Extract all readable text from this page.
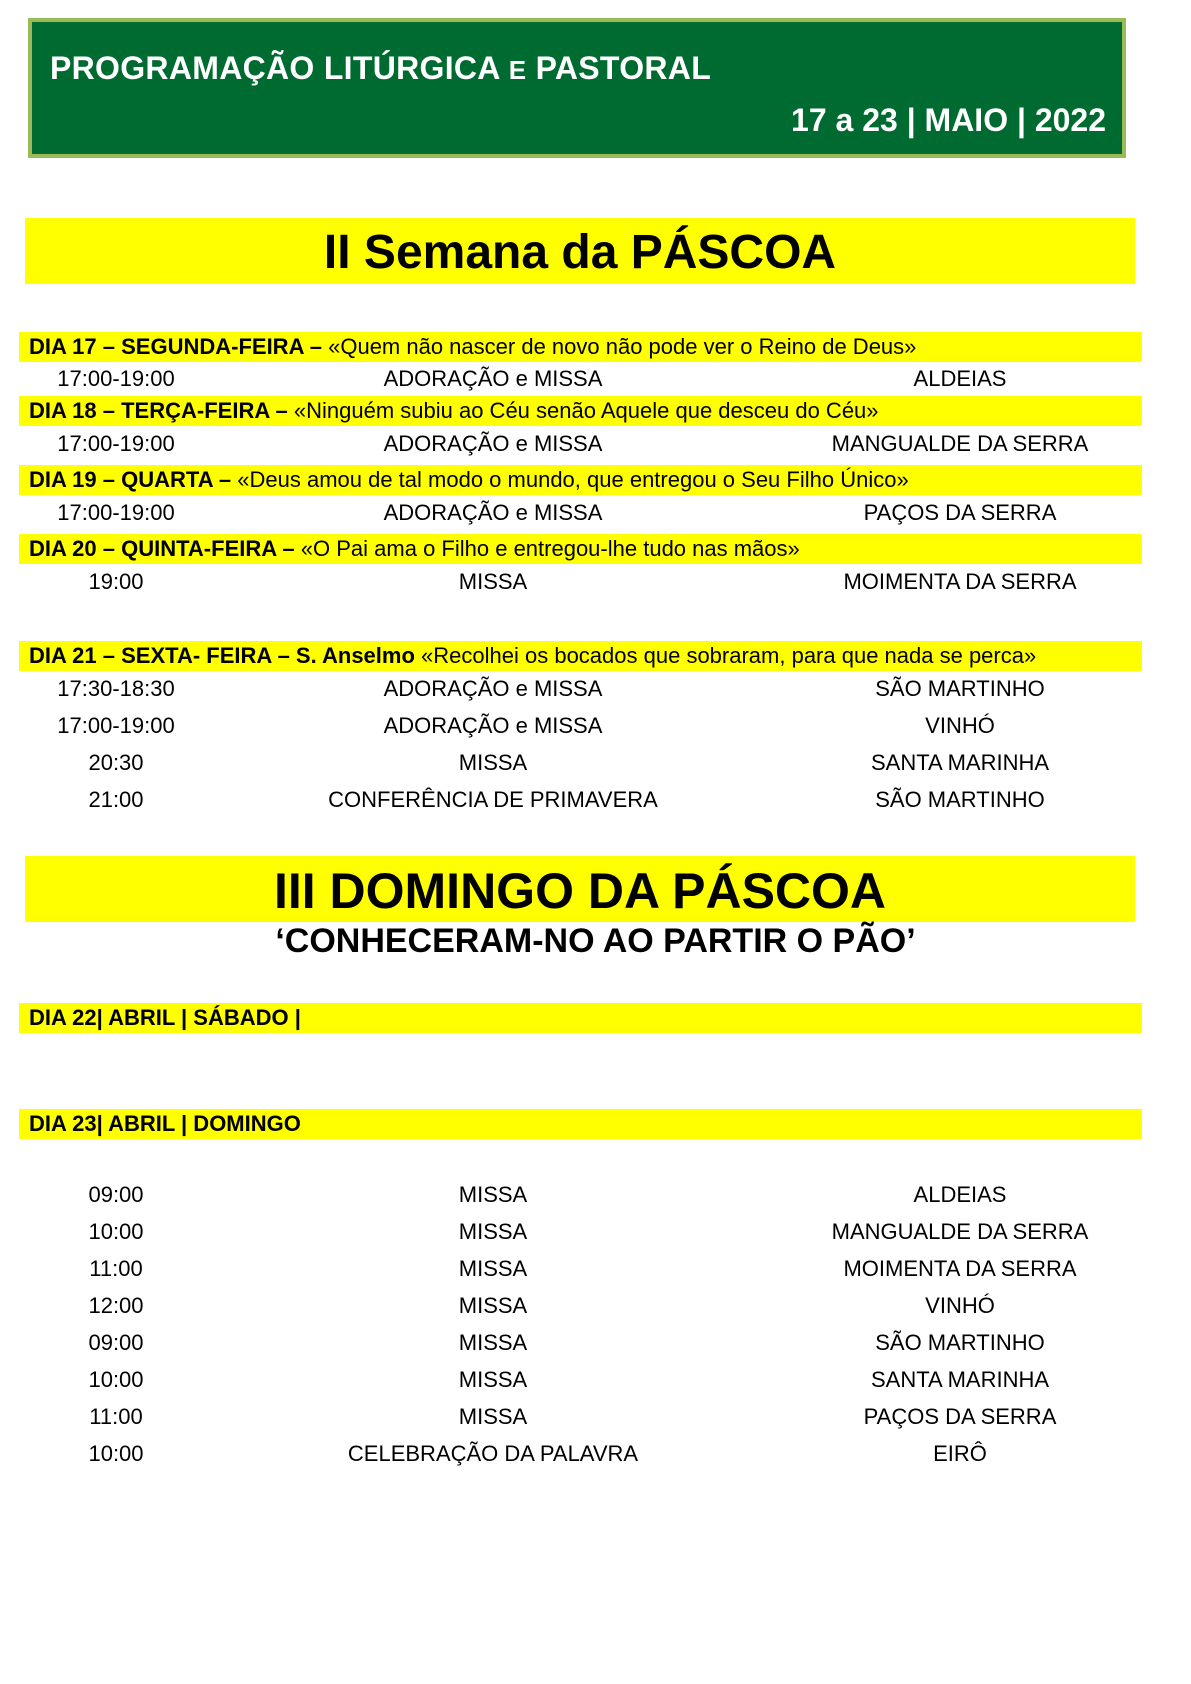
PROGRAMAÇÃO LITÚRGICA E PASTORAL
17 a 23 | MAIO | 2022
II Semana da PÁSCOA
DIA 17 – SEGUNDA-FEIRA – «Quem não nascer de novo não pode ver o Reino de Deus»
17:00-19:00	ADORAÇÃO e MISSA	ALDEIAS
DIA 18 – TERÇA-FEIRA – «Ninguém subiu ao Céu senão Aquele que desceu do Céu»
17:00-19:00	ADORAÇÃO e MISSA	MANGUALDE DA SERRA
DIA 19 – QUARTA – «Deus amou de tal modo o mundo, que entregou o Seu Filho Único»
17:00-19:00	ADORAÇÃO e MISSA	PAÇOS DA SERRA
DIA 20 – QUINTA-FEIRA – «O Pai ama o Filho e entregou-lhe tudo nas mãos»
19:00	MISSA	MOIMENTA DA SERRA
DIA 21 – SEXTA- FEIRA – S. Anselmo «Recolhei os bocados que sobraram, para que nada se perca»
17:30-18:30	ADORAÇÃO e MISSA	SÃO MARTINHO
17:00-19:00	ADORAÇÃO e MISSA	VINHÓ
20:30	MISSA	SANTA MARINHA
21:00	CONFERÊNCIA DE PRIMAVERA	SÃO MARTINHO
III DOMINGO DA PÁSCOA
‘CONHECERAM-NO AO PARTIR O PÃO’
DIA 22| ABRIL | SÁBADO |
DIA 23| ABRIL | DOMINGO
09:00	MISSA	ALDEIAS
10:00	MISSA	MANGUALDE DA SERRA
11:00	MISSA	MOIMENTA DA SERRA
12:00	MISSA	VINHÓ
09:00	MISSA	SÃO MARTINHO
10:00	MISSA	SANTA MARINHA
11:00	MISSA	PAÇOS DA SERRA
10:00	CELEBRAÇÃO DA PALAVRA	EIRÔ
